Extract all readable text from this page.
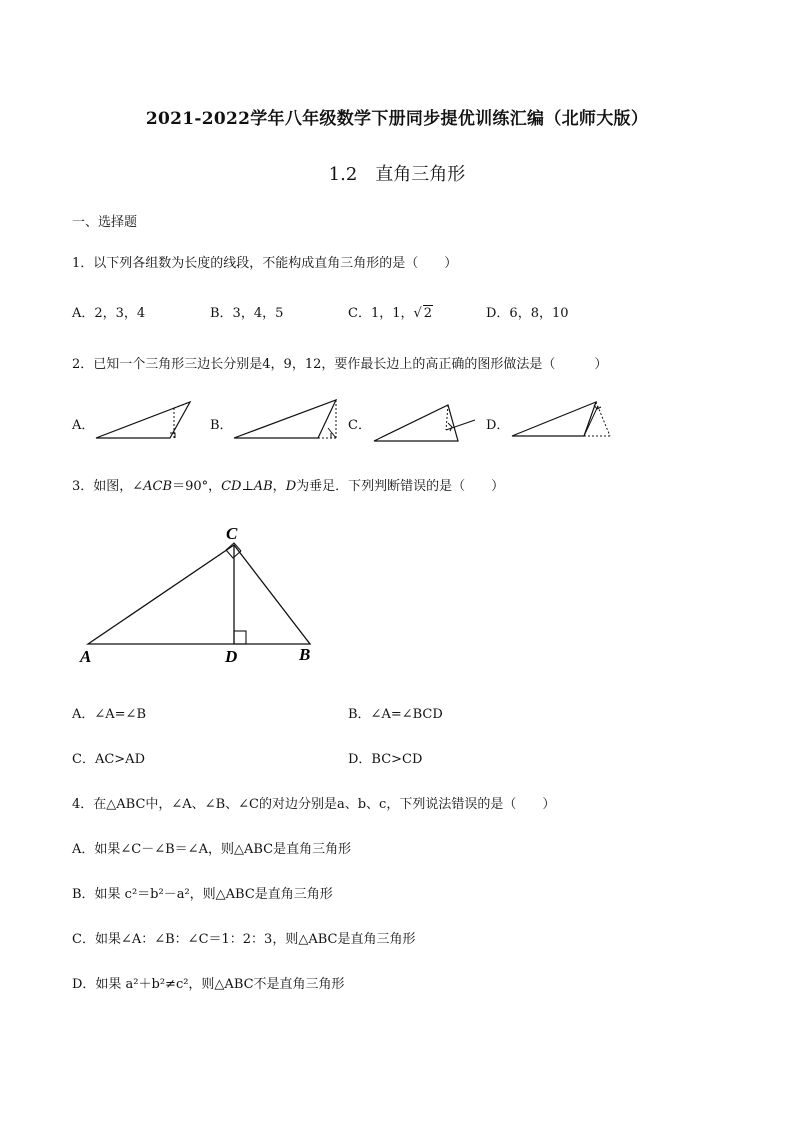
2021-2022学年八年级数学下册同步提优训练汇编（北师大版）
1.2　直角三角形
一、选择题
1．以下列各组数为长度的线段，不能构成直角三角形的是（　　）
A．2，3，4	B．3，4，5	C．1，1，√ 2	D．6，8，10
2．已知一个三角形三边长分别是4，9，12，要作最长边上的高正确的图形做法是（　　　）
A．	B．	C．	D．
3．如图，∠ACB＝90°，CD⊥AB，D为垂足．下列判断错误的是（　　）
C
A	D	B
A．∠A=∠B	B．∠A=∠BCD
C．AC>AD	D．BC>CD
4．在△ABC中，∠A、∠B、∠C的对边分别是a、b、c，下列说法错误的是（　　）
A．如果∠C－∠B＝∠A，则△ABC是直角三角形
B．如果 c²＝b²－a²，则△ABC是直角三角形
C．如果∠A：∠B：∠C＝1：2：3，则△ABC是直角三角形
D．如果 a²＋b²≠c²，则△ABC不是直角三角形
